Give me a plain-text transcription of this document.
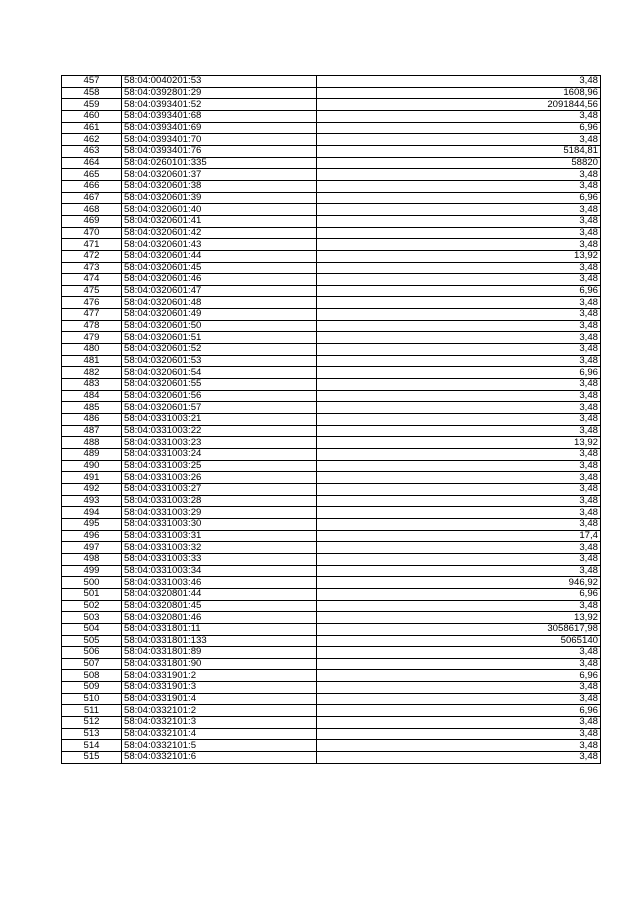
457	58:04:0040201:53	3,48
458	58:04:0392801:29	1608,96
459	58:04:0393401:52	2091844,56
460	58:04:0393401:68	3,48
461	58:04:0393401:69	6,96
462	58:04:0393401:70	3,48
463	58:04:0393401:76	5184,81
464	58:04:0260101:335	58820
465	58:04:0320601:37	3,48
466	58:04:0320601:38	3,48
467	58:04:0320601:39	6,96
468	58:04:0320601:40	3,48
469	58:04:0320601:41	3,48
470	58:04:0320601:42	3,48
471	58:04:0320601:43	3,48
472	58:04:0320601:44	13,92
473	58:04:0320601:45	3,48
474	58:04:0320601:46	3,48
475	58:04:0320601:47	6,96
476	58:04:0320601:48	3,48
477	58:04:0320601:49	3,48
478	58:04:0320601:50	3,48
479	58:04:0320601:51	3,48
480	58:04:0320601:52	3,48
481	58:04:0320601:53	3,48
482	58:04:0320601:54	6,96
483	58:04:0320601:55	3,48
484	58:04:0320601:56	3,48
485	58:04:0320601:57	3,48
486	58:04:0331003:21	3,48
487	58:04:0331003:22	3,48
488	58:04:0331003:23	13,92
489	58:04:0331003:24	3,48
490	58:04:0331003:25	3,48
491	58:04:0331003:26	3,48
492	58:04:0331003:27	3,48
493	58:04:0331003:28	3,48
494	58:04:0331003:29	3,48
495	58:04:0331003:30	3,48
496	58:04:0331003:31	17,4
497	58:04:0331003:32	3,48
498	58:04:0331003:33	3,48
499	58:04:0331003:34	3,48
500	58:04:0331003:46	946,92
501	58:04:0320801:44	6,96
502	58:04:0320801:45	3,48
503	58:04:0320801:46	13,92
504	58:04:0331801:11	3058617,98
505	58:04:0331801:133	5065140
506	58:04:0331801:89	3,48
507	58:04:0331801:90	3,48
508	58:04:0331901:2	6,96
509	58:04:0331901:3	3,48
510	58:04:0331901:4	3,48
511	58:04:0332101:2	6,96
512	58:04:0332101:3	3,48
513	58:04:0332101:4	3,48
514	58:04:0332101:5	3,48
515	58:04:0332101:6	3,48
